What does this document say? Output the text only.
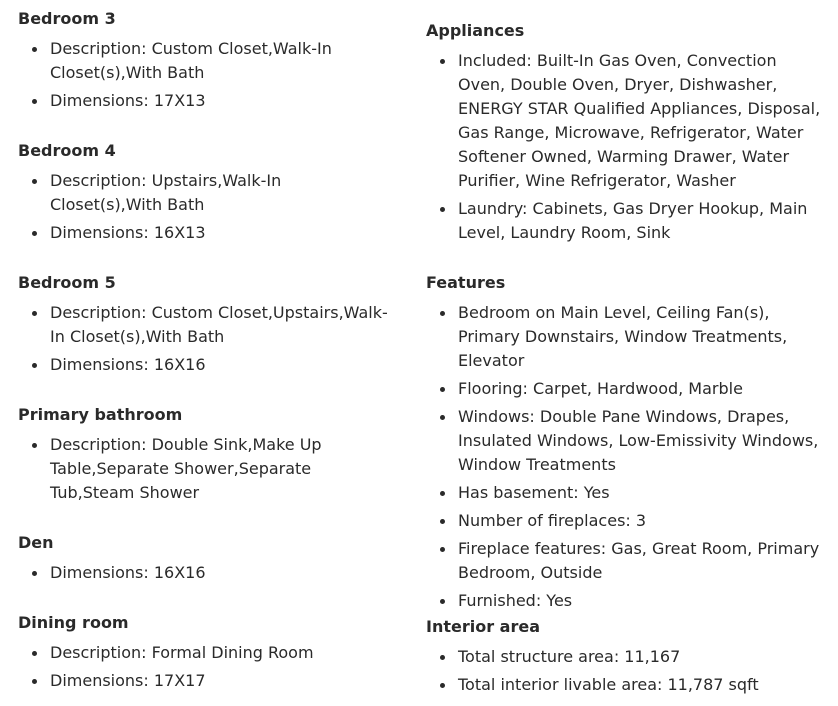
Bedroom 3
Description: Custom Closet,Walk-In Closet(s),With Bath
Dimensions: 17X13
Bedroom 4
Description: Upstairs,Walk-In Closet(s),With Bath
Dimensions: 16X13
Bedroom 5
Description: Custom Closet,Upstairs,Walk-In Closet(s),With Bath
Dimensions: 16X16
Primary bathroom
Description: Double Sink,Make Up Table,Separate Shower,Separate Tub,Steam Shower
Den
Dimensions: 16X16
Dining room
Description: Formal Dining Room
Dimensions: 17X17
Appliances
Included: Built-In Gas Oven, Convection Oven, Double Oven, Dryer, Dishwasher, ENERGY STAR Qualified Appliances, Disposal, Gas Range, Microwave, Refrigerator, Water Softener Owned, Warming Drawer, Water Purifier, Wine Refrigerator, Washer
Laundry: Cabinets, Gas Dryer Hookup, Main Level, Laundry Room, Sink
Features
Bedroom on Main Level, Ceiling Fan(s), Primary Downstairs, Window Treatments, Elevator
Flooring: Carpet, Hardwood, Marble
Windows: Double Pane Windows, Drapes, Insulated Windows, Low-Emissivity Windows, Window Treatments
Has basement: Yes
Number of fireplaces: 3
Fireplace features: Gas, Great Room, Primary Bedroom, Outside
Furnished: Yes
Interior area
Total structure area: 11,167
Total interior livable area: 11,787 sqft
